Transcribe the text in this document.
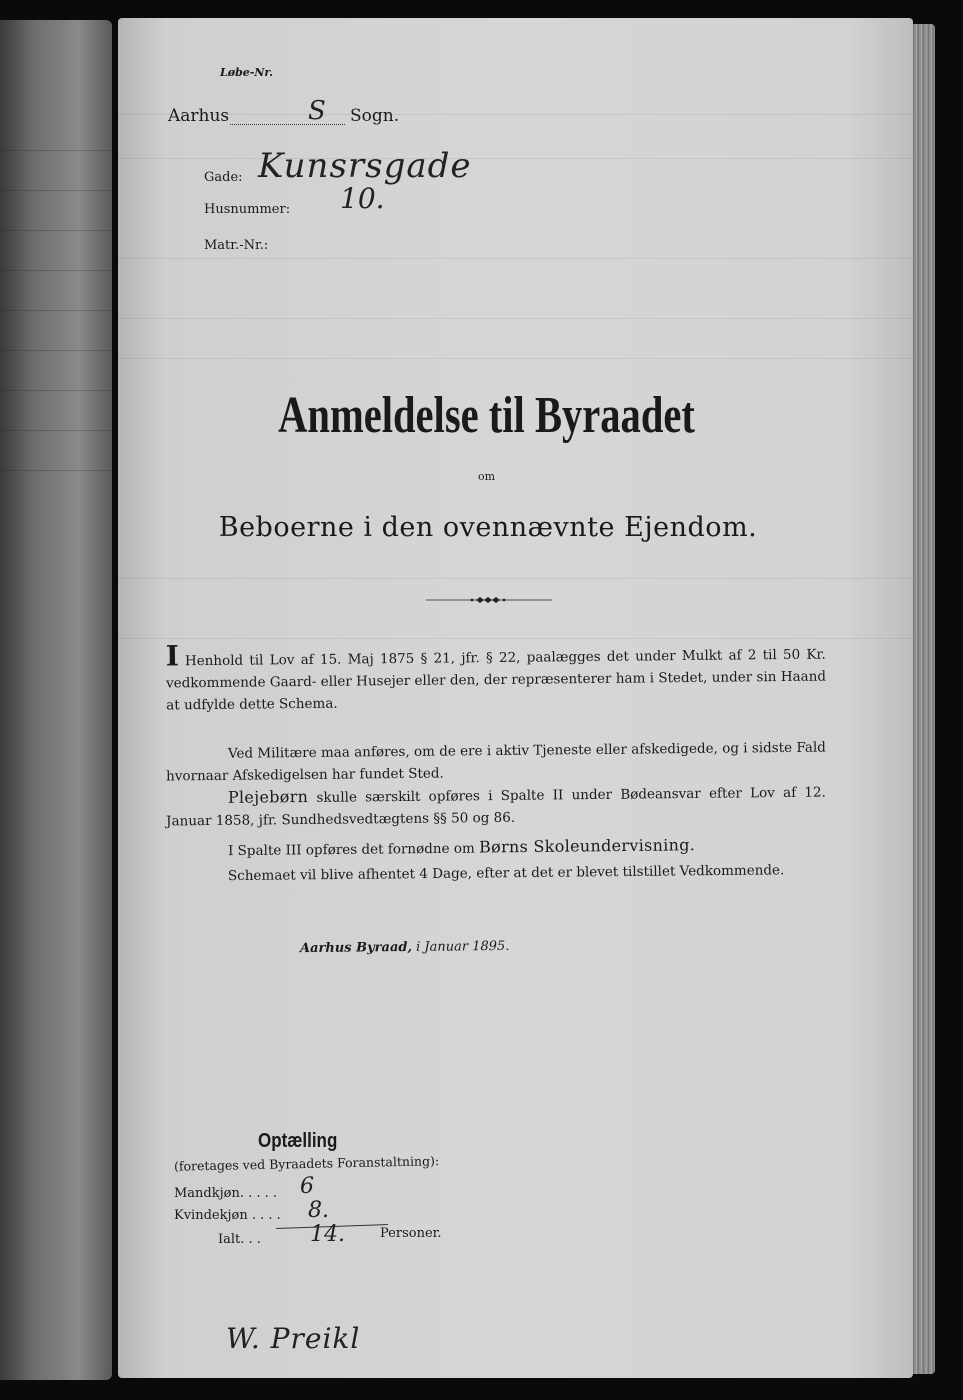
Løbe-Nr.
Aarhus	S Sogn.
Gade: Kunsrsgade
Husnummer: 10.
Matr.-Nr.:
Anmeldelse til Byraadet
om
Beboerne i den ovennævnte Ejendom.
I Henhold til Lov af 15. Maj 1875 § 21, jfr. § 22, paalægges det under Mulkt af 2 til 50 Kr. vedkommende Gaard- eller Husejer eller den, der repræsenterer ham i Stedet, under sin Haand at udfylde dette Schema.
Ved Militære maa anføres, om de ere i aktiv Tjeneste eller afskedigede, og i sidste Fald hvornaar Afskedigelsen har fundet Sted.
Plejebørn skulle særskilt opføres i Spalte II under Bødeansvar efter Lov af 12. Januar 1858, jfr. Sundhedsvedtægtens §§ 50 og 86.
I Spalte III opføres det fornødne om Børns Skoleundervisning.
Schemaet vil blive afhentet 4 Dage, efter at det er blevet tilstillet Vedkommende.
Aarhus Byraad, i Januar 1895.
Optælling
(foretages ved Byraadets Foranstaltning):
Mandkjøn. . . . . 6
Kvindekjøn . . . . 8.
Ialt. . . 14.	Personer.
W. Preikl
